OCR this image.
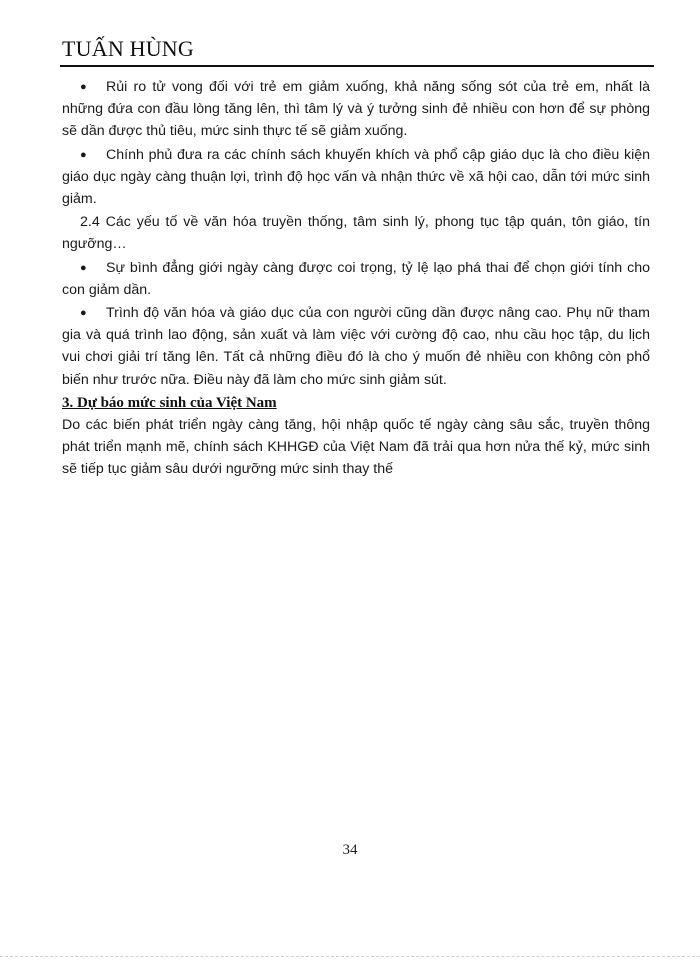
TUẤN HÙNG

● Rủi ro tử vong đối với trẻ em giảm xuống, khả năng sống sót của trẻ em, nhất là những đứa con đầu lòng tăng lên, thì tâm lý và ý tưởng sinh đẻ nhiều con hơn để sự phòng sẽ dần được thủ tiêu, mức sinh thực tế sẽ giảm xuống.

● Chính phủ đưa ra các chính sách khuyến khích và phổ cập giáo dục là cho điều kiện giáo dục ngày càng thuận lợi, trình độ học vấn và nhận thức về xã hội cao, dẫn tới mức sinh giảm.

2.4 Các yếu tố về văn hóa truyền thống, tâm sinh lý, phong tục tập quán, tôn giáo, tín ngưỡng…

● Sự bình đẳng giới ngày càng được coi trọng, tỷ lệ lạo phá thai để chọn giới tính cho con giảm dần.

● Trình độ văn hóa và giáo dục của con người cũng dần được nâng cao. Phụ nữ tham gia và quá trình lao động, sản xuất và làm việc với cường độ cao, nhu cầu học tập, du lịch vui chơi giải trí tăng lên. Tất cả những điều đó là cho ý muốn đẻ nhiều con không còn phổ biến như trước nữa. Điều này đã làm cho mức sinh giảm sút.

3. Dự báo mức sinh của Việt Nam

Do các biến phát triển ngày càng tăng, hội nhập quốc tế ngày càng sâu sắc, truyền thông phát triển mạnh mẽ, chính sách KHHGĐ của Việt Nam đã trải qua hơn nửa thế kỷ, mức sinh sẽ tiếp tục giảm sâu dưới ngưỡng mức sinh thay thế

34
